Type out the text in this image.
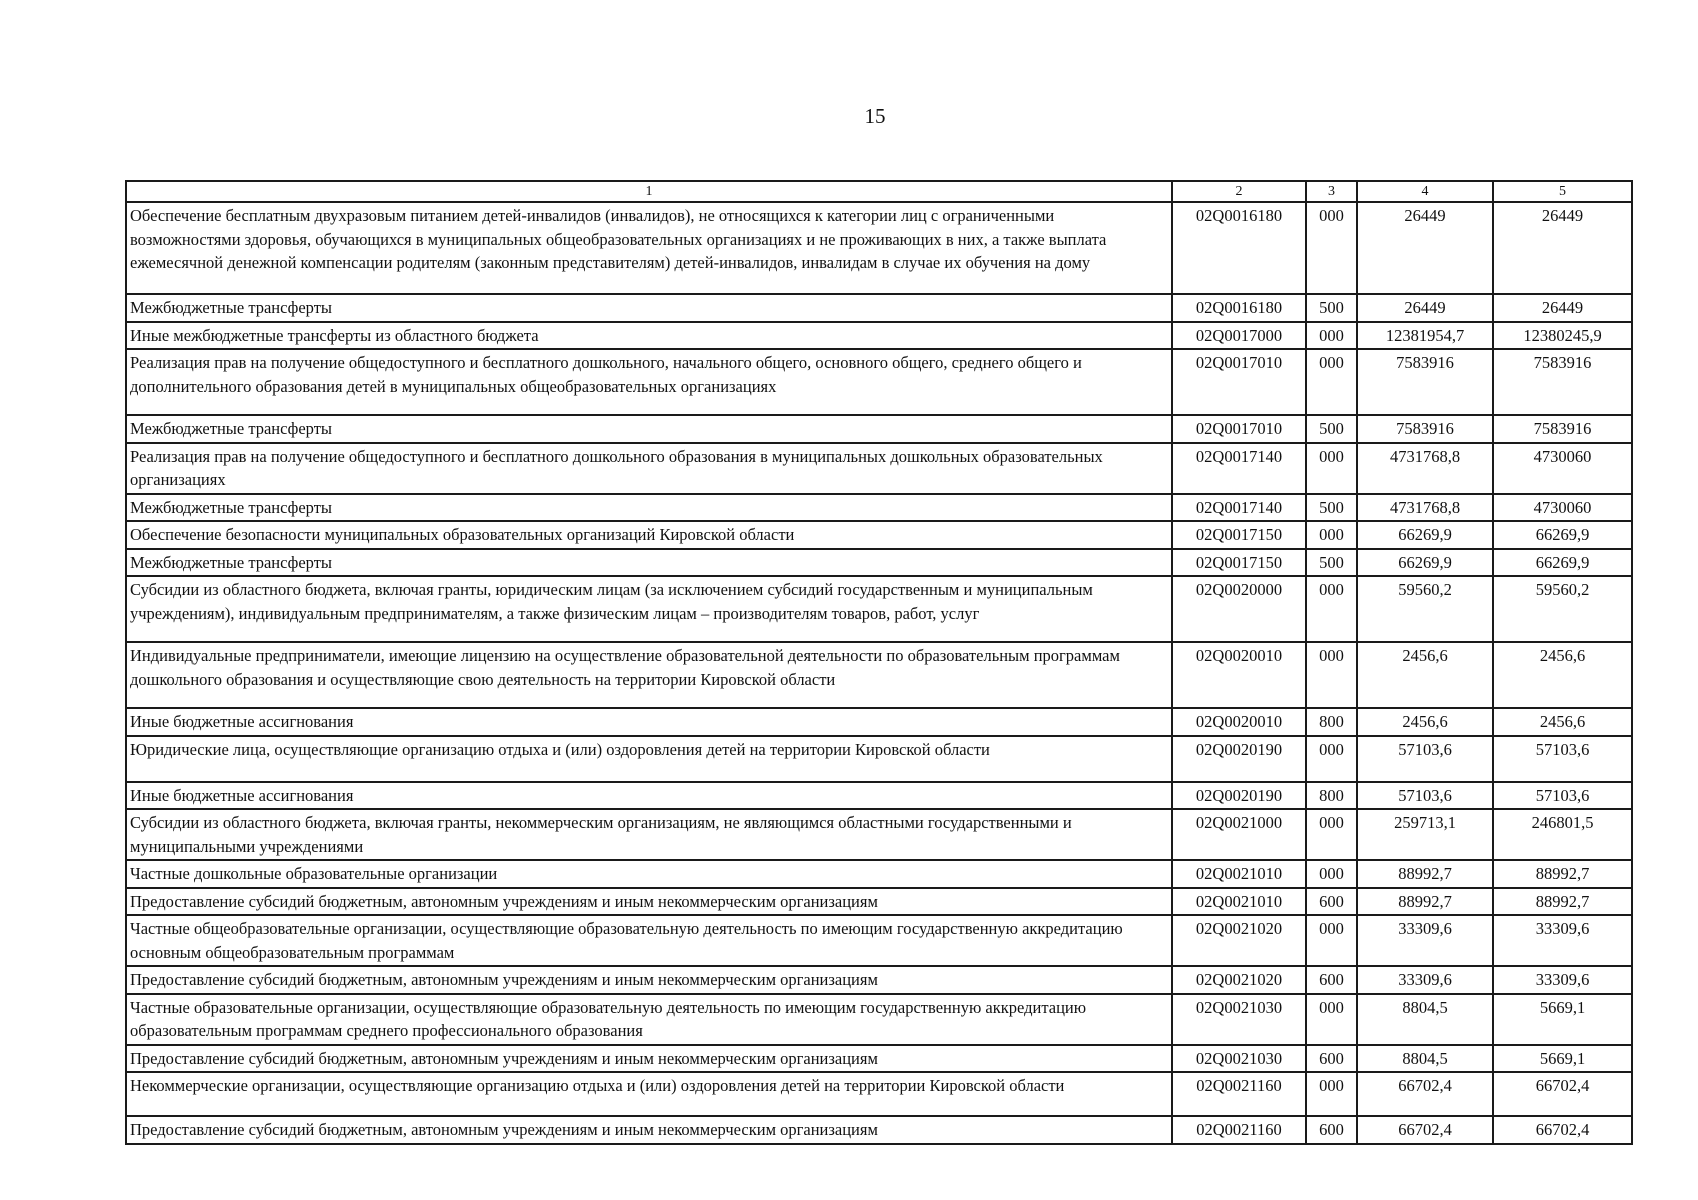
15
1	2	3	4	5
Обеспечение бесплатным двухразовым питанием детей-инвалидов (инвалидов), не относящихся к категории лиц с ограниченными возможностями здоровья, обучающихся в муниципальных общеобразовательных организациях и не проживающих в них, а также выплата ежемесячной денежной компенсации родителям (законным представителям) детей-инвалидов, инвалидам в случае их обучения на дому	02Q0016180	000	26449	26449
Межбюджетные трансферты	02Q0016180	500	26449	26449
Иные межбюджетные трансферты из областного бюджета	02Q0017000	000	12381954,7	12380245,9
Реализация прав на получение общедоступного и бесплатного дошкольного, начального общего, основного общего, среднего общего и дополнительного образования детей в муниципальных общеобразовательных организациях	02Q0017010	000	7583916	7583916
Межбюджетные трансферты	02Q0017010	500	7583916	7583916
Реализация прав на получение общедоступного и бесплатного дошкольного образования в муниципальных дошкольных образовательных организациях	02Q0017140	000	4731768,8	4730060
Межбюджетные трансферты	02Q0017140	500	4731768,8	4730060
Обеспечение безопасности муниципальных образовательных организаций Кировской области	02Q0017150	000	66269,9	66269,9
Межбюджетные трансферты	02Q0017150	500	66269,9	66269,9
Субсидии из областного бюджета, включая гранты, юридическим лицам (за исключением субсидий государственным и муниципальным учреждениям), индивидуальным предпринимателям, а также физическим лицам – производителям товаров, работ, услуг	02Q0020000	000	59560,2	59560,2
Индивидуальные предприниматели, имеющие лицензию на осуществление образовательной деятельности по образовательным программам дошкольного образования и осуществляющие свою деятельность на территории Кировской области	02Q0020010	000	2456,6	2456,6
Иные бюджетные ассигнования	02Q0020010	800	2456,6	2456,6
Юридические лица, осуществляющие организацию отдыха и (или) оздоровления детей на территории Кировской области	02Q0020190	000	57103,6	57103,6
Иные бюджетные ассигнования	02Q0020190	800	57103,6	57103,6
Субсидии из областного бюджета, включая гранты, некоммерческим организациям, не являющимся областными государственными и муниципальными учреждениями	02Q0021000	000	259713,1	246801,5
Частные дошкольные образовательные организации	02Q0021010	000	88992,7	88992,7
Предоставление субсидий бюджетным, автономным учреждениям и иным некоммерческим организациям	02Q0021010	600	88992,7	88992,7
Частные общеобразовательные организации, осуществляющие образовательную деятельность по имеющим государственную аккредитацию основным общеобразовательным программам	02Q0021020	000	33309,6	33309,6
Предоставление субсидий бюджетным, автономным учреждениям и иным некоммерческим организациям	02Q0021020	600	33309,6	33309,6
Частные образовательные организации, осуществляющие образовательную деятельность по имеющим государственную аккредитацию образовательным программам среднего профессионального образования	02Q0021030	000	8804,5	5669,1
Предоставление субсидий бюджетным, автономным учреждениям и иным некоммерческим организациям	02Q0021030	600	8804,5	5669,1
Некоммерческие организации, осуществляющие организацию отдыха и (или) оздоровления детей на территории Кировской области	02Q0021160	000	66702,4	66702,4
Предоставление субсидий бюджетным, автономным учреждениям и иным некоммерческим организациям	02Q0021160	600	66702,4	66702,4
